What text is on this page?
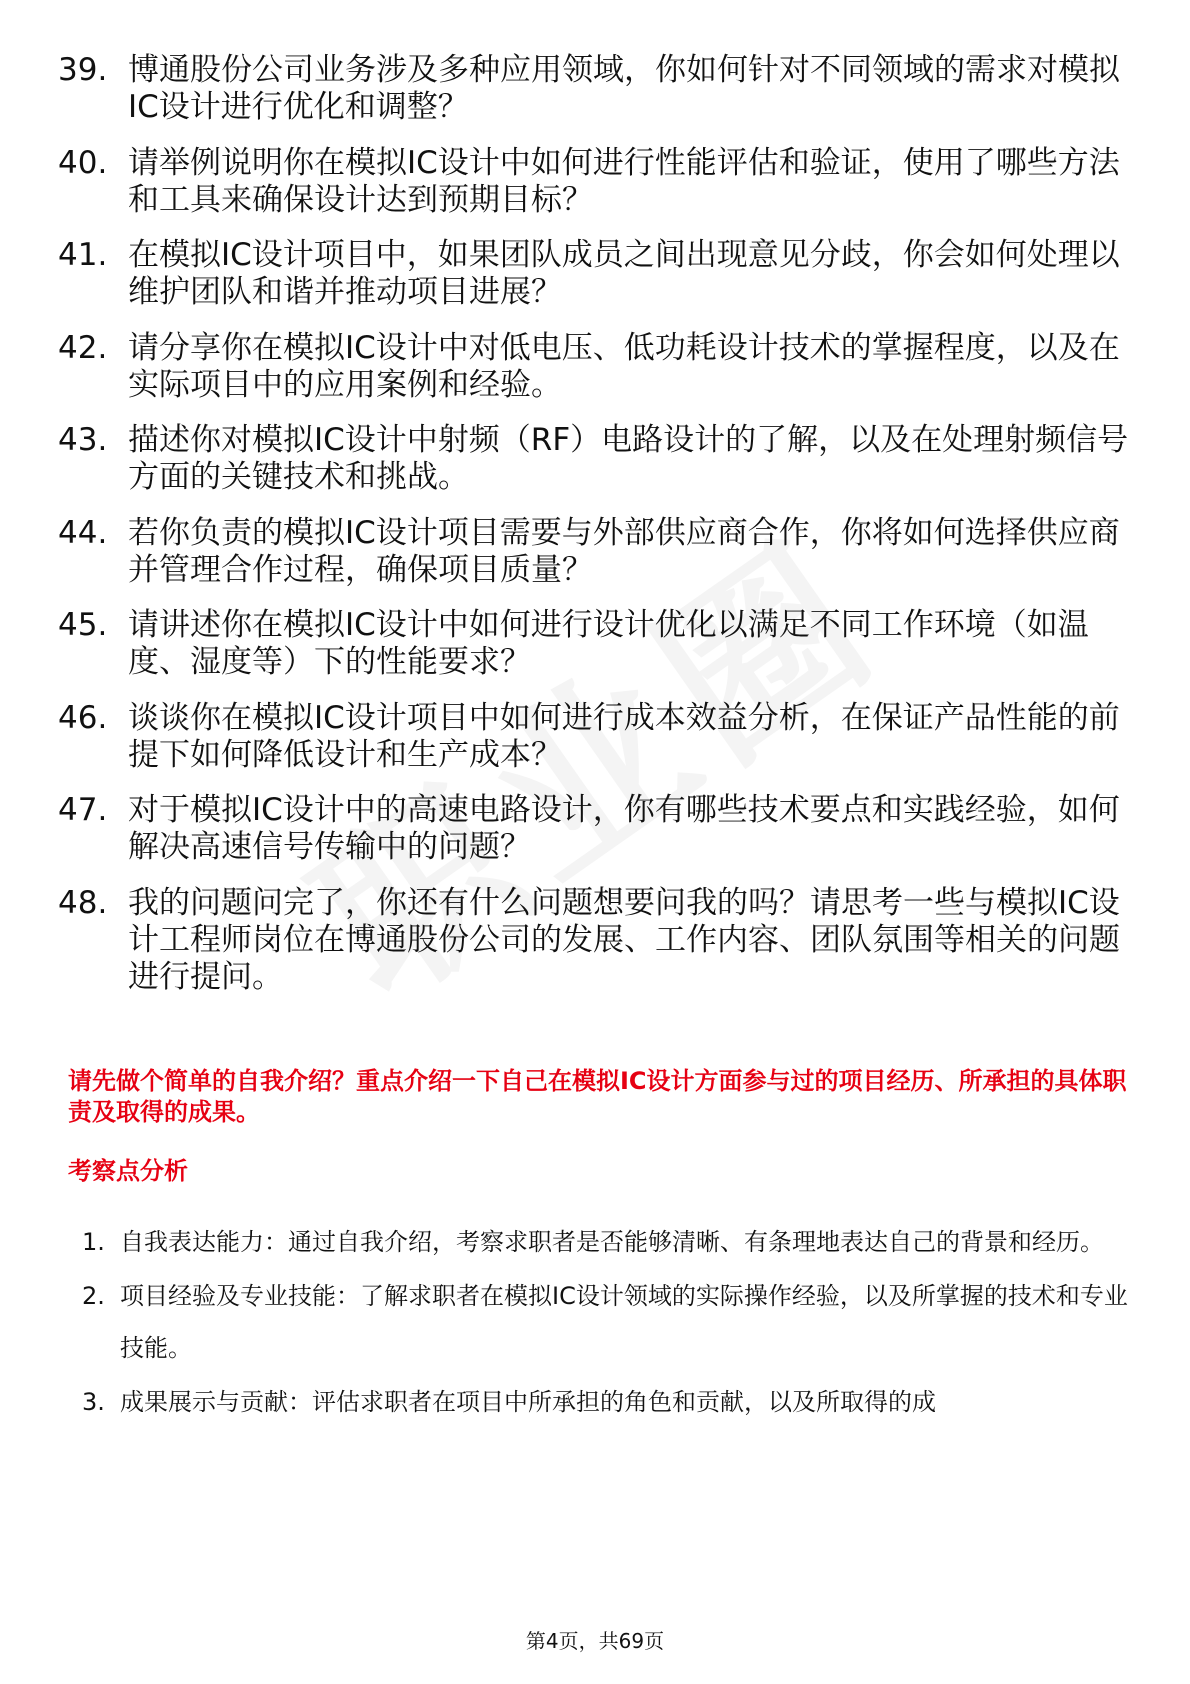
39. 博通股份公司业务涉及多种应用领域，你如何针对不同领域的需求对模拟IC设计进行优化和调整？
40. 请举例说明你在模拟IC设计中如何进行性能评估和验证，使用了哪些方法和工具来确保设计达到预期目标？
41. 在模拟IC设计项目中，如果团队成员之间出现意见分歧，你会如何处理以维护团队和谐并推动项目进展？
42. 请分享你在模拟IC设计中对低电压、低功耗设计技术的掌握程度，以及在实际项目中的应用案例和经验。
43. 描述你对模拟IC设计中射频（RF）电路设计的了解，以及在处理射频信号方面的关键技术和挑战。
44. 若你负责的模拟IC设计项目需要与外部供应商合作，你将如何选择供应商并管理合作过程，确保项目质量？
45. 请讲述你在模拟IC设计中如何进行设计优化以满足不同工作环境（如温度、湿度等）下的性能要求？
46. 谈谈你在模拟IC设计项目中如何进行成本效益分析，在保证产品性能的前提下如何降低设计和生产成本？
47. 对于模拟IC设计中的高速电路设计，你有哪些技术要点和实践经验，如何解决高速信号传输中的问题？
48. 我的问题问完了，你还有什么问题想要问我的吗？请思考一些与模拟IC设计工程师岗位在博通股份公司的发展、工作内容、团队氛围等相关的问题进行提问。

请先做个简单的自我介绍？重点介绍一下自己在模拟IC设计方面参与过的项目经历、所承担的具体职责及取得的成果。

考察点分析
1. 自我表达能力：通过自我介绍，考察求职者是否能够清晰、有条理地表达自己的背景和经历。
2. 项目经验及专业技能：了解求职者在模拟IC设计领域的实际操作经验，以及所掌握的技术和专业技能。
3. 成果展示与贡献：评估求职者在项目中所承担的角色和贡献，以及所取得的成
第4页，共69页
